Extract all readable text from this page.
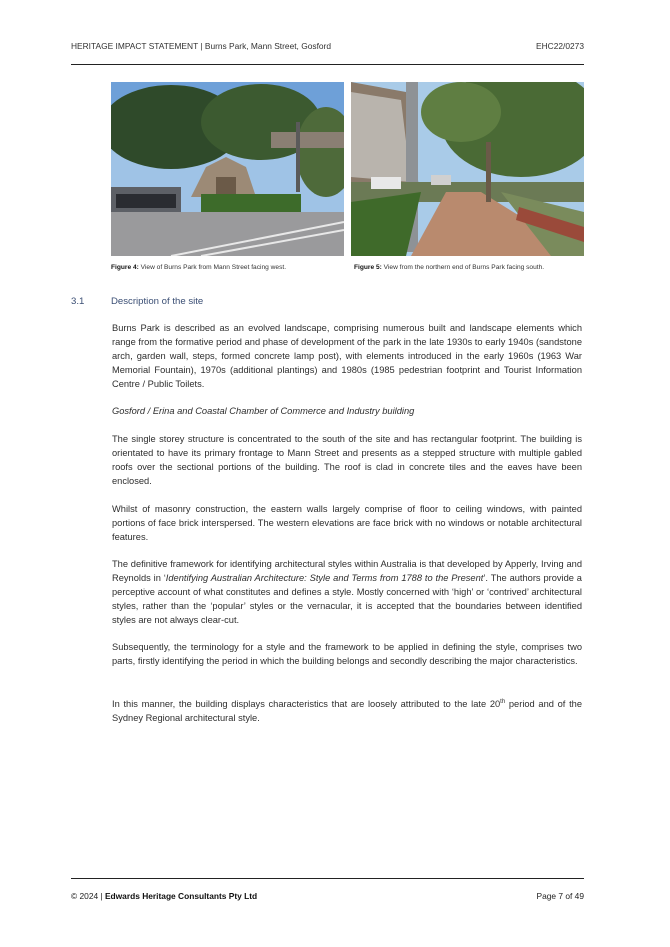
HERITAGE IMPACT STATEMENT | Burns Park, Mann Street, Gosford	EHC22/0273
Figure 4: View of Burns Park from Mann Street facing west.	Figure 5: View from the northern end of Burns Park facing south.
3.1	Description of the site

Burns Park is described as an evolved landscape, comprising numerous built and landscape elements which range from the formative period and phase of development of the park in the late 1930s to early 1940s (sandstone arch, garden wall, steps, formed concrete lamp post), with elements introduced in the early 1960s (1963 War Memorial Fountain), 1970s (additional plantings) and 1980s (1985 pedestrian footprint and Tourist Information Centre / Public Toilets.

Gosford / Erina and Coastal Chamber of Commerce and Industry building

The single storey structure is concentrated to the south of the site and has rectangular footprint. The building is orientated to have its primary frontage to Mann Street and presents as a stepped structure with multiple gabled roofs over the sectional portions of the building. The roof is clad in concrete tiles and the eaves have been enclosed.

Whilst of masonry construction, the eastern walls largely comprise of floor to ceiling windows, with painted portions of face brick interspersed. The western elevations are face brick with no windows or notable architectural features.

The definitive framework for identifying architectural styles within Australia is that developed by Apperly, Irving and Reynolds in ‘Identifying Australian Architecture: Style and Terms from 1788 to the Present’. The authors provide a perceptive account of what constitutes and defines a style. Mostly concerned with ‘high’ or ‘contrived’ architectural styles, rather than the ‘popular’ styles or the vernacular, it is accepted that the boundaries between identified styles are not always clear-cut.

Subsequently, the terminology for a style and the framework to be applied in defining the style, comprises two parts, firstly identifying the period in which the building belongs and secondly describing the major characteristics.

In this manner, the building displays characteristics that are loosely attributed to the late 20th period and of the Sydney Regional architectural style.

© 2024 | Edwards Heritage Consultants Pty Ltd	Page 7 of 49
